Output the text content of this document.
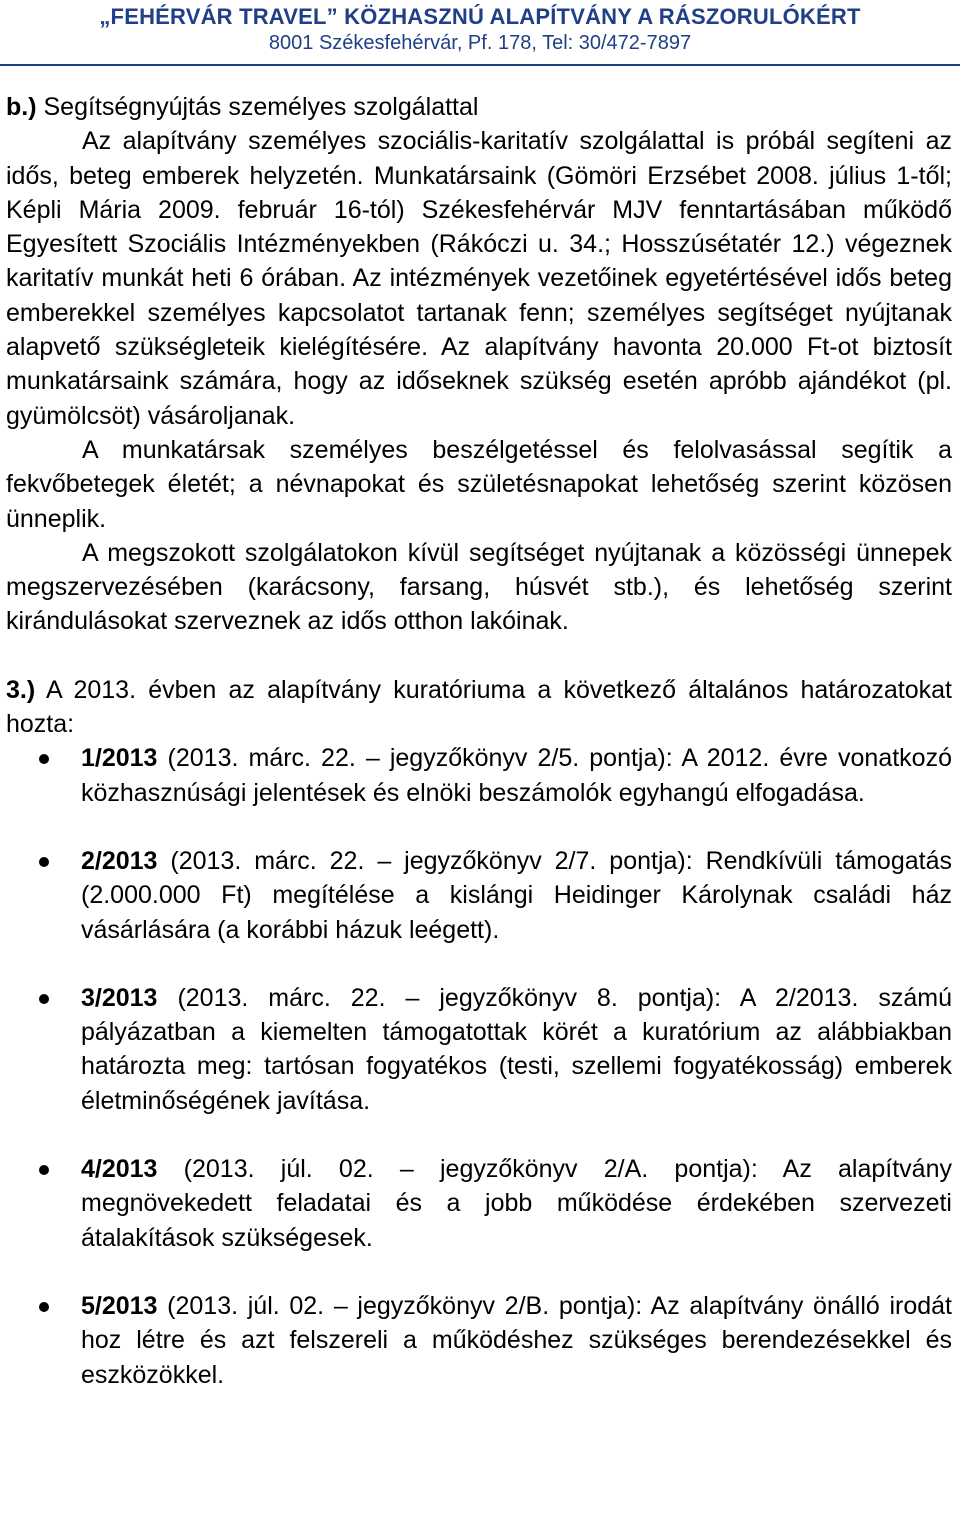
„FEHÉRVÁR TRAVEL” KÖZHASZNÚ ALAPÍTVÁNY A RÁSZORULÓKÉRT
8001 Székesfehérvár, Pf. 178, Tel: 30/472-7897

b.) Segítségnyújtás személyes szolgálattal

Az alapítvány személyes szociális-karitatív szolgálattal is próbál segíteni az idős, beteg emberek helyzetén. Munkatársaink (Gömöri Erzsébet 2008. július 1-től; Képli Mária 2009. február 16-tól) Székesfehérvár MJV fenntartásában működő Egyesített Szociális Intézményekben (Rákóczi u. 34.; Hosszúsétatér 12.) végeznek karitatív munkát heti 6 órában. Az intézmények vezetőinek egyetértésével idős beteg emberekkel személyes kapcsolatot tartanak fenn; személyes segítséget nyújtanak alapvető szükségleteik kielégítésére. Az alapítvány havonta 20.000 Ft-ot biztosít munkatársaink számára, hogy az időseknek szükség esetén apróbb ajándékot (pl. gyümölcsöt) vásároljanak.

A munkatársak személyes beszélgetéssel és felolvasással segítik a fekvőbetegek életét; a névnapokat és születésnapokat lehetőség szerint közösen ünneplik.

A megszokott szolgálatokon kívül segítséget nyújtanak a közösségi ünnepek megszervezésében (karácsony, farsang, húsvét stb.), és lehetőség szerint kirándulásokat szerveznek az idős otthon lakóinak.

3.) A 2013. évben az alapítvány kuratóriuma a következő általános határozatokat hozta:

1/2013 (2013. márc. 22. – jegyzőkönyv 2/5. pontja): A 2012. évre vonatkozó közhasznúsági jelentések és elnöki beszámolók egyhangú elfogadása.
2/2013 (2013. márc. 22. – jegyzőkönyv 2/7. pontja): Rendkívüli támogatás (2.000.000 Ft) megítélése a kislángi Heidinger Károlynak családi ház vásárlására (a korábbi házuk leégett).
3/2013 (2013. márc. 22. – jegyzőkönyv 8. pontja): A 2/2013. számú pályázatban a kiemelten támogatottak körét a kuratórium az alábbiakban határozta meg: tartósan fogyatékos (testi, szellemi fogyatékosság) emberek életminőségének javítása.
4/2013 (2013. júl. 02. – jegyzőkönyv 2/A. pontja): Az alapítvány megnövekedett feladatai és a jobb működése érdekében szervezeti átalakítások szükségesek.
5/2013 (2013. júl. 02. – jegyzőkönyv 2/B. pontja): Az alapítvány önálló irodát hoz létre és azt felszereli a működéshez szükséges berendezésekkel és eszközökkel.
